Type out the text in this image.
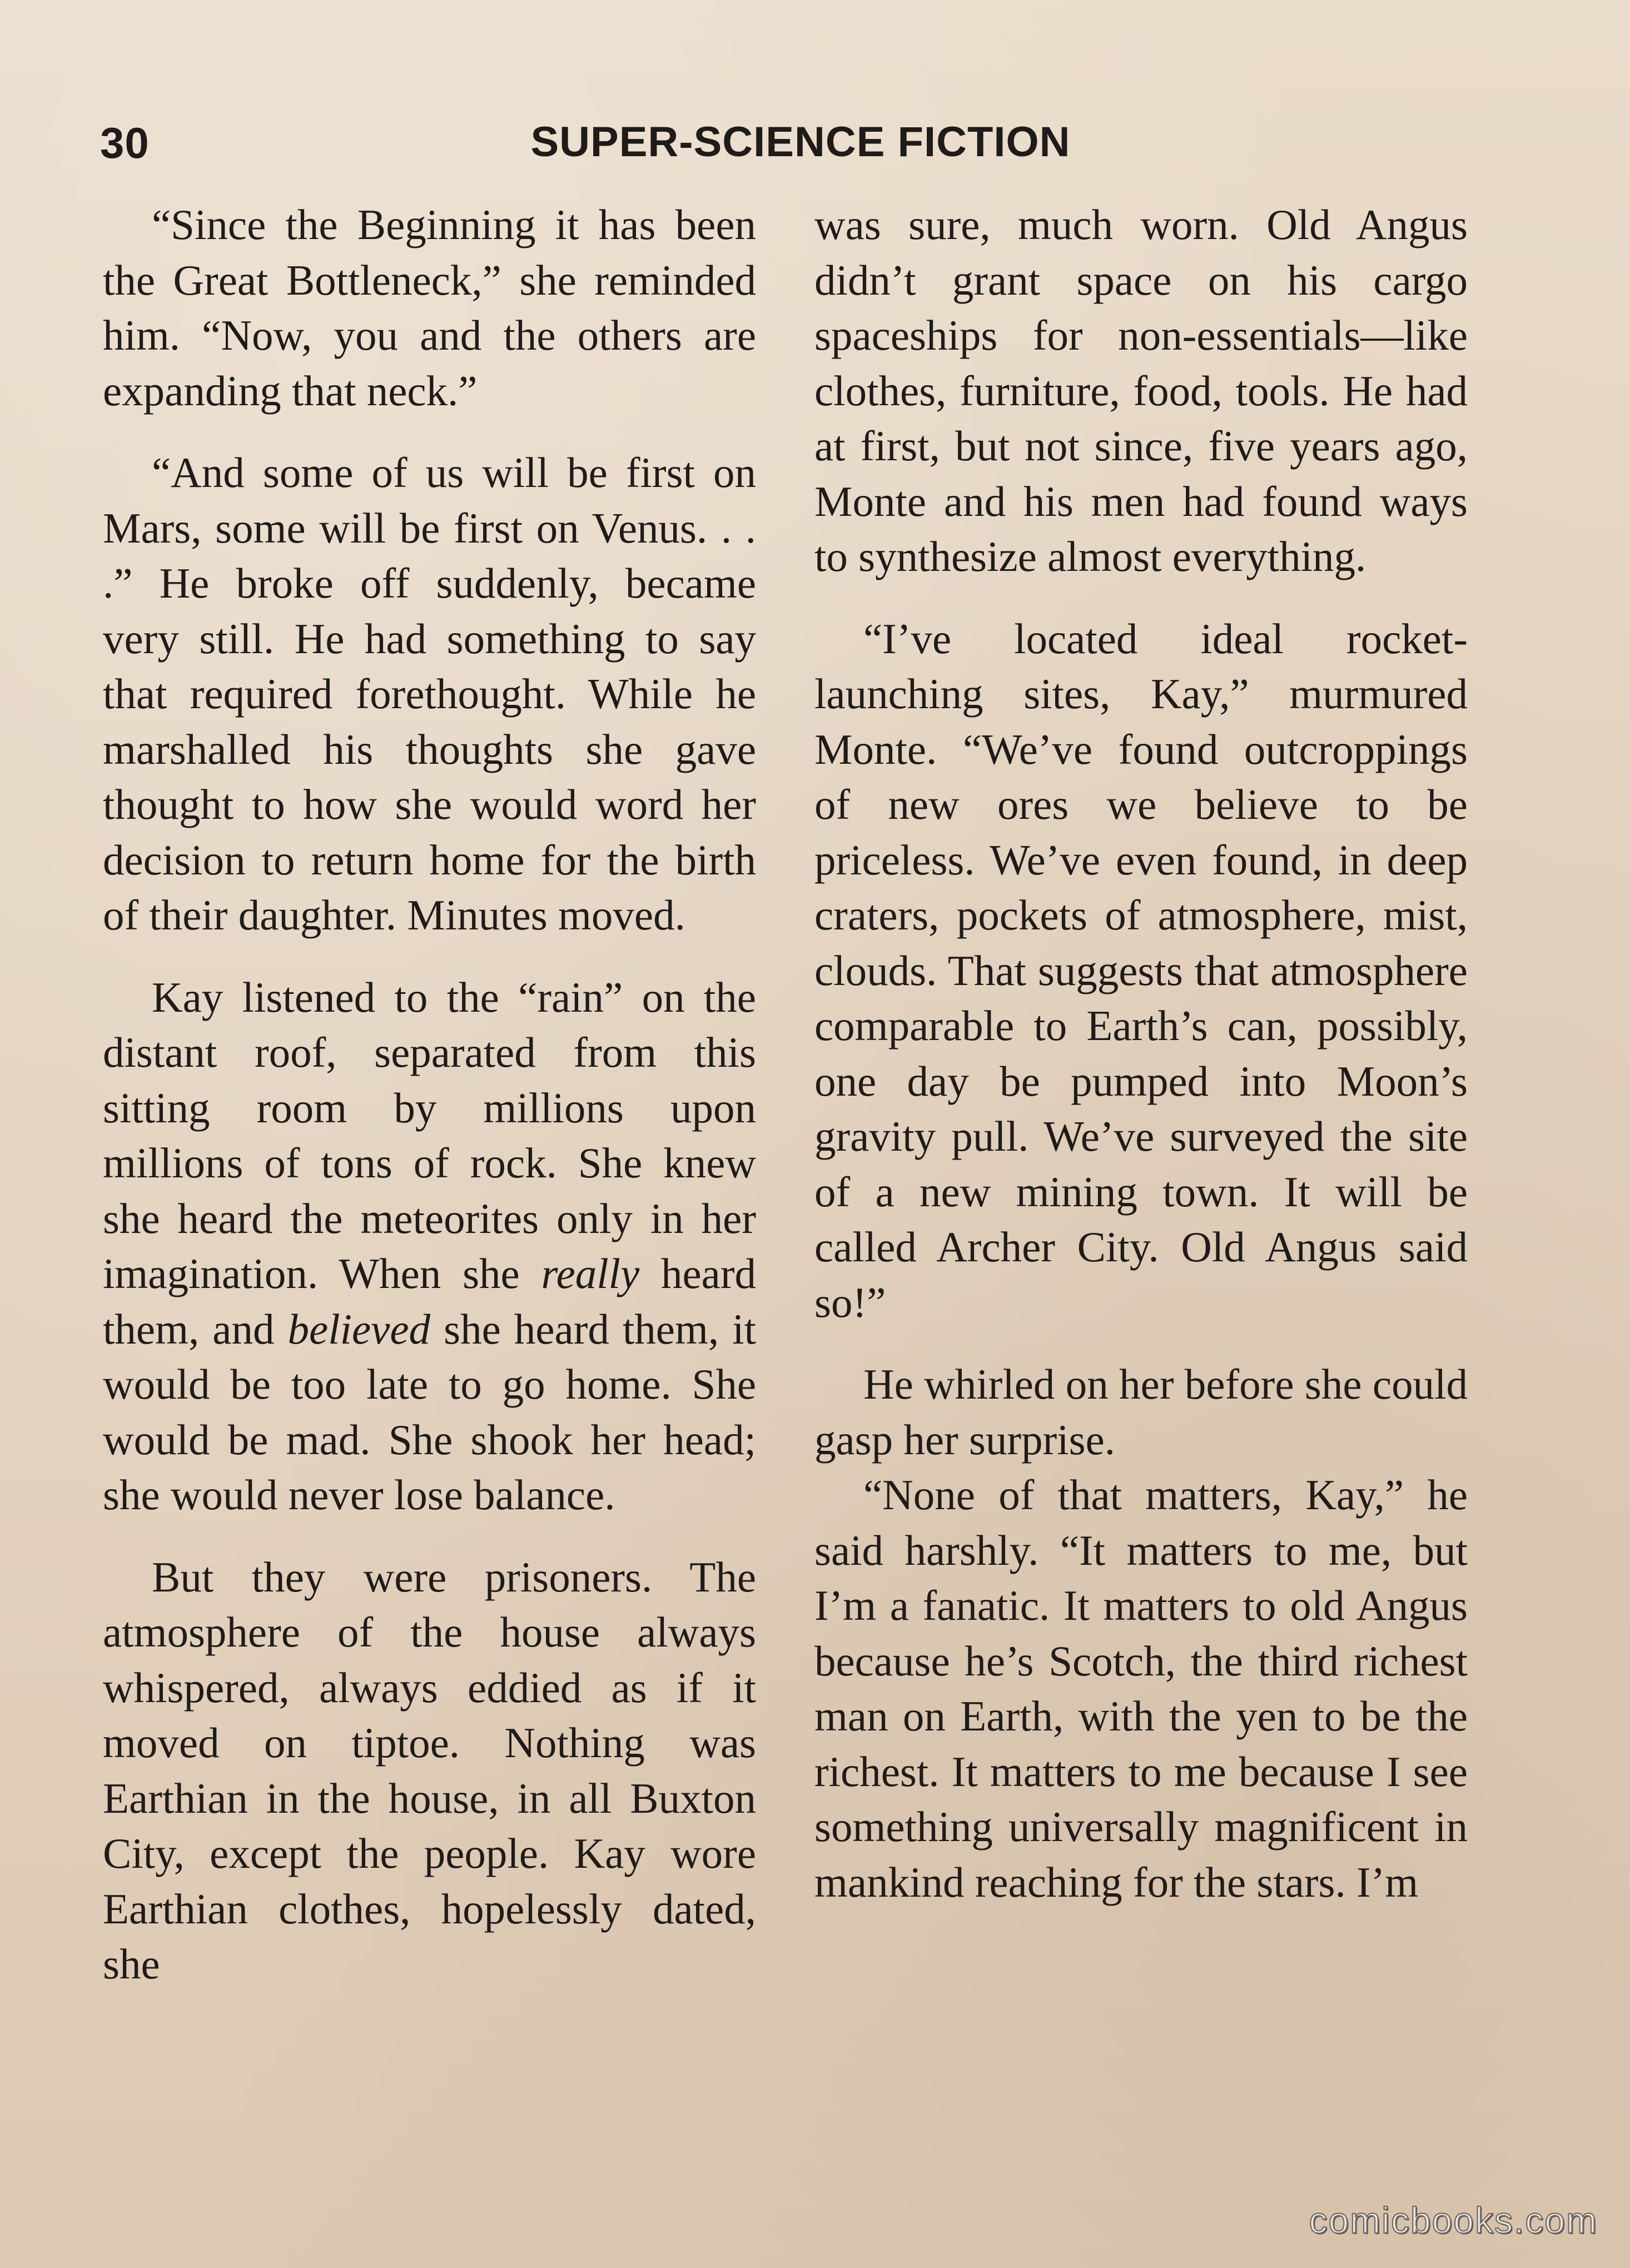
30	SUPER-SCIENCE FICTION

“Since the Beginning it has been the Great Bottleneck,” she reminded him. “Now, you and the others are expanding that neck.”

“And some of us will be first on Mars, some will be first on Venus. . . .” He broke off suddenly, became very still. He had something to say that required forethought. While he marshalled his thoughts she gave thought to how she would word her decision to return home for the birth of their daughter. Minutes moved.

Kay listened to the “rain” on the distant roof, separated from this sitting room by millions upon millions of tons of rock. She knew she heard the meteorites only in her imagination. When she really heard them, and believed she heard them, it would be too late to go home. She would be mad. She shook her head; she would never lose balance.

But they were prisoners. The atmosphere of the house always whispered, always eddied as if it moved on tiptoe. Nothing was Earthian in the house, in all Buxton City, except the people. Kay wore Earthian clothes, hopelessly dated, she

was sure, much worn. Old Angus didn’t grant space on his cargo spaceships for non-essentials—like clothes, furniture, food, tools. He had at first, but not since, five years ago, Monte and his men had found ways to synthesize almost everything.

“I’ve located ideal rocket-launching sites, Kay,” murmured Monte. “We’ve found outcroppings of new ores we believe to be priceless. We’ve even found, in deep craters, pockets of atmosphere, mist, clouds. That suggests that atmosphere comparable to Earth’s can, possibly, one day be pumped into Moon’s gravity pull. We’ve surveyed the site of a new mining town. It will be called Archer City. Old Angus said so!”

He whirled on her before she could gasp her surprise.

“None of that matters, Kay,” he said harshly. “It matters to me, but I’m a fanatic. It matters to old Angus because he’s Scotch, the third richest man on Earth, with the yen to be the richest. It matters to me because I see something universally magnificent in mankind reaching for the stars. I’m

comicbooks.com
